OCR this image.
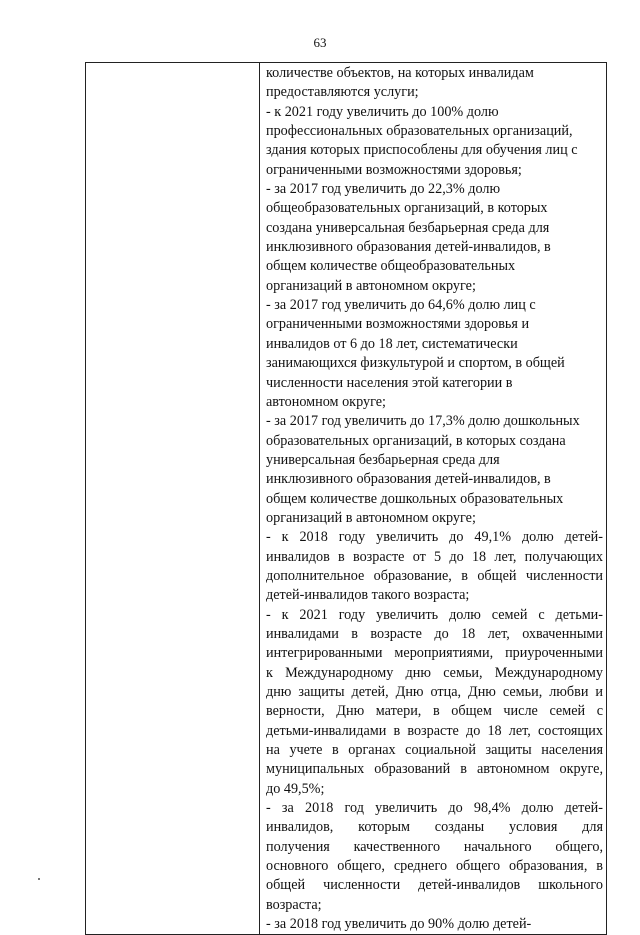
63

количестве объектов, на которых инвалидам
предоставляются услуги;
- к 2021 году увеличить до 100% долю
профессиональных образовательных организаций,
здания которых приспособлены для обучения лиц с
ограниченными возможностями здоровья;
- за 2017 год увеличить до 22,3% долю
общеобразовательных организаций, в которых
создана универсальная безбарьерная среда для
инклюзивного образования детей-инвалидов, в
общем количестве общеобразовательных
организаций в автономном округе;
- за 2017 год увеличить до 64,6% долю лиц с
ограниченными возможностями здоровья и
инвалидов от 6 до 18 лет, систематически
занимающихся физкультурой и спортом, в общей
численности населения этой категории в
автономном округе;
- за 2017 год увеличить до 17,3% долю дошкольных
образовательных организаций, в которых создана
универсальная безбарьерная среда для
инклюзивного образования детей-инвалидов, в
общем количестве дошкольных образовательных
организаций в автономном округе;
- к 2018 году увеличить до 49,1% долю детей-
инвалидов в возрасте от 5 до 18 лет, получающих
дополнительное образование, в общей численности
детей-инвалидов такого возраста;
- к 2021 году увеличить долю семей с детьми-
инвалидами в возрасте до 18 лет, охваченными
интегрированными мероприятиями, приуроченными
к Международному дню семьи, Международному
дню защиты детей, Дню отца, Дню семьи, любви и
верности, Дню матери, в общем числе семей с
детьми-инвалидами в возрасте до 18 лет, состоящих
на учете в органах социальной защиты населения
муниципальных образований в автономном округе,
до 49,5%;
- за 2018 год увеличить до 98,4% долю детей-
инвалидов, которым созданы условия для
получения качественного начального общего,
основного общего, среднего общего образования, в
общей численности детей-инвалидов школьного
возраста;
- за 2018 год увеличить до 90% долю детей-
